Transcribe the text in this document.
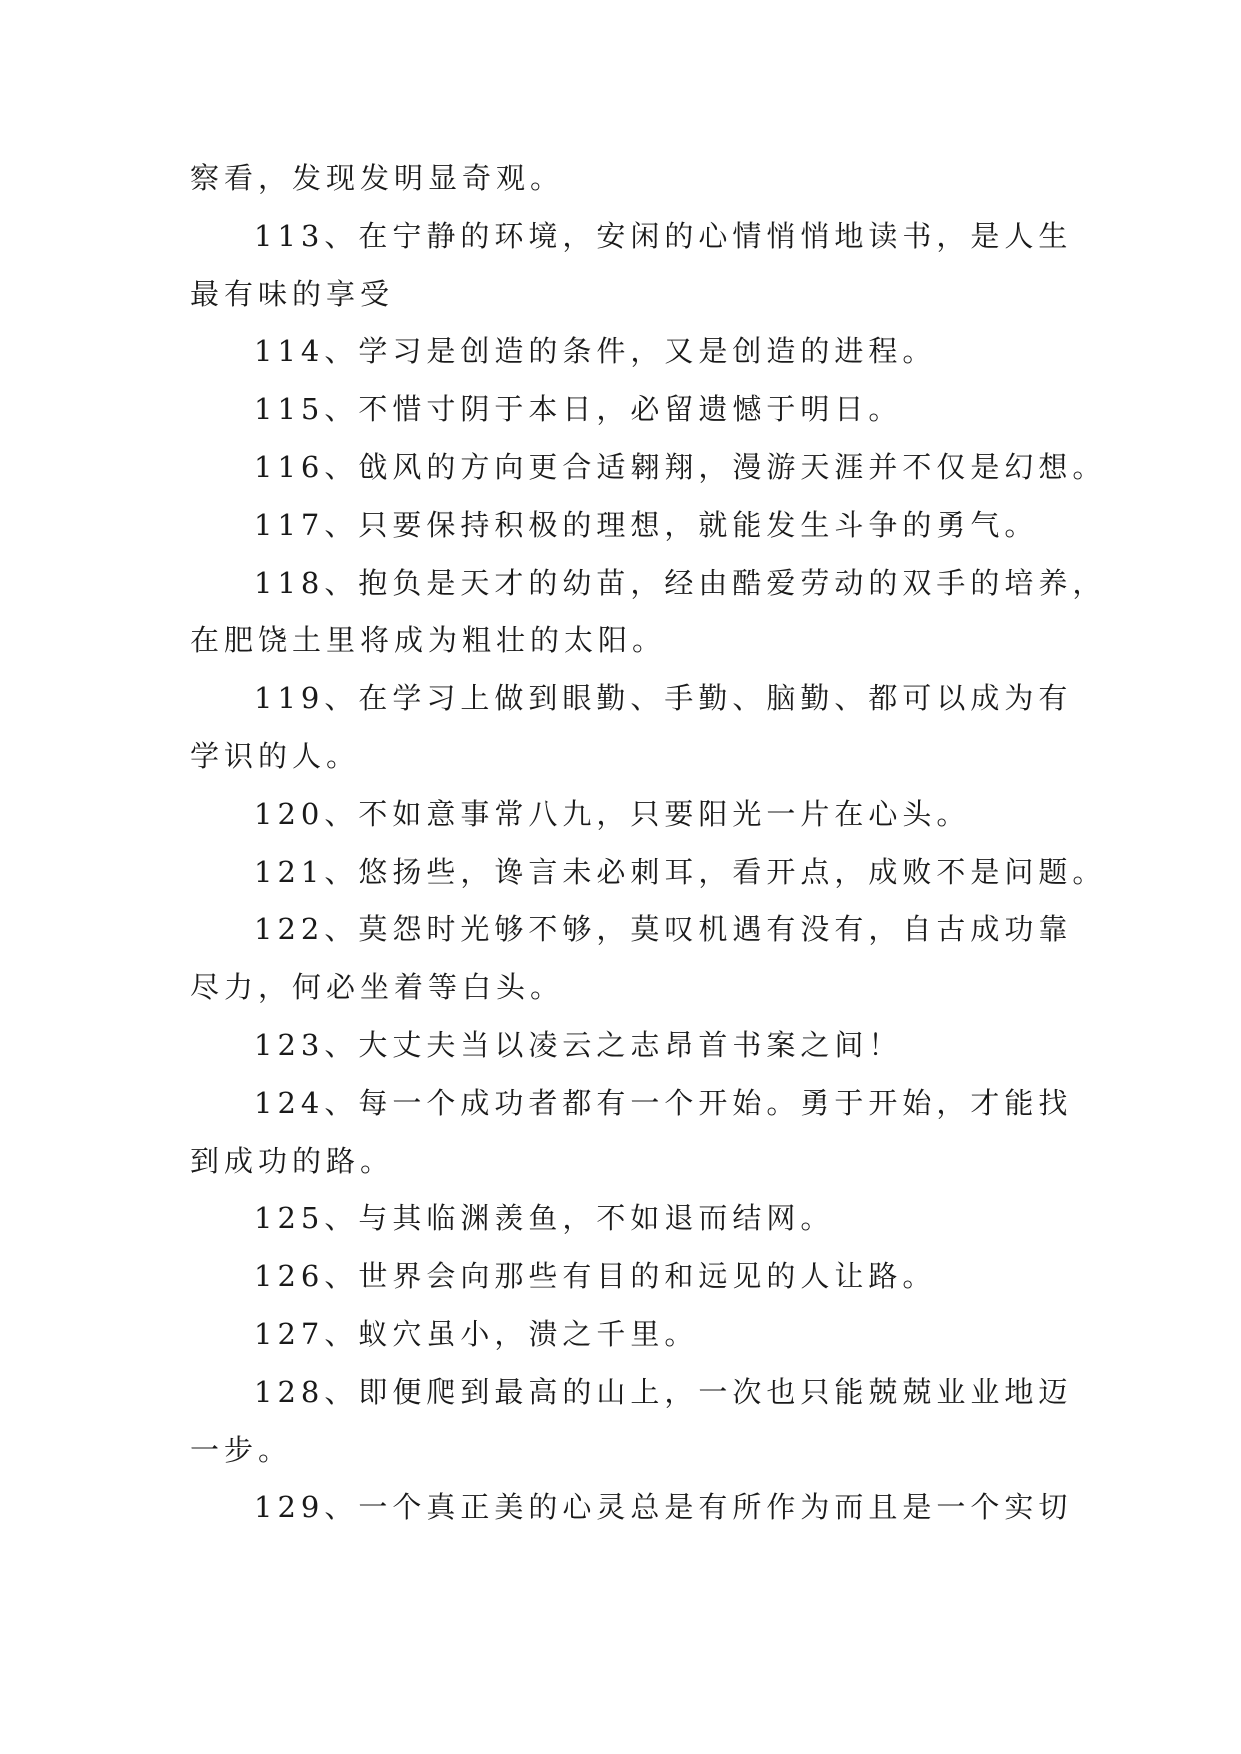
察看，发现发明显奇观。

113、在宁静的环境，安闲的心情悄悄地读书，是人生

最有味的享受

114、学习是创造的条件，又是创造的进程。

115、不惜寸阴于本日，必留遗憾于明日。

116、戗风的方向更合适翱翔，漫游天涯并不仅是幻想。

117、只要保持积极的理想，就能发生斗争的勇气。

118、抱负是天才的幼苗，经由酷爱劳动的双手的培养，

在肥饶土里将成为粗壮的太阳。

119、在学习上做到眼勤、手勤、脑勤、都可以成为有

学识的人。

120、不如意事常八九，只要阳光一片在心头。

121、悠扬些，谗言未必刺耳，看开点，成败不是问题。

122、莫怨时光够不够，莫叹机遇有没有，自古成功靠

尽力，何必坐着等白头。

123、大丈夫当以凌云之志昂首书案之间！

124、每一个成功者都有一个开始。勇于开始，才能找

到成功的路。

125、与其临渊羡鱼，不如退而结网。

126、世界会向那些有目的和远见的人让路。

127、蚁穴虽小，溃之千里。

128、即便爬到最高的山上，一次也只能兢兢业业地迈

一步。

129、一个真正美的心灵总是有所作为而且是一个实切
